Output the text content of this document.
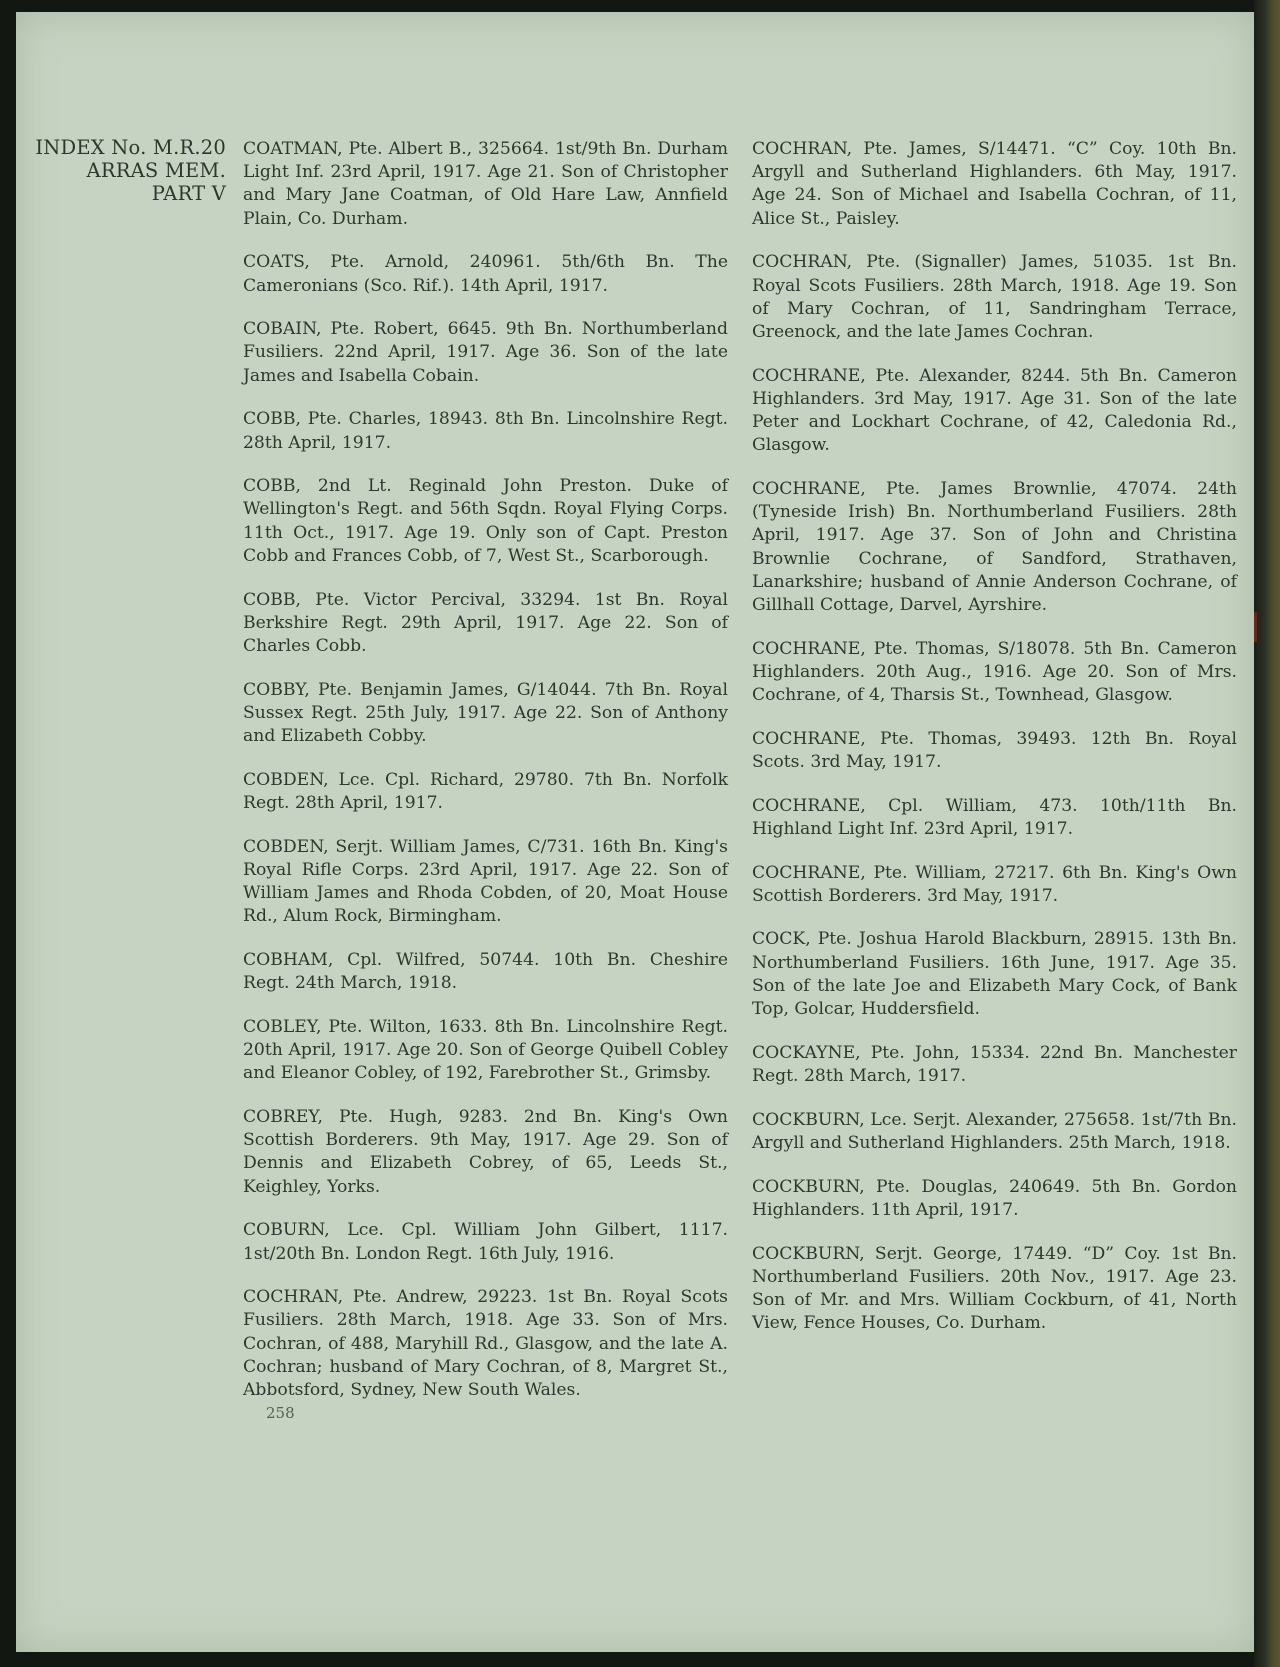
INDEX No. M.R.20
ARRAS MEM.
PART V

COATMAN, Pte. Albert B., 325664. 1st/9th Bn. Durham Light Inf. 23rd April, 1917. Age 21. Son of Christopher and Mary Jane Coatman, of Old Hare Law, Annfield Plain, Co. Durham.

COATS, Pte. Arnold, 240961. 5th/6th Bn. The Cameronians (Sco. Rif.). 14th April, 1917.

COBAIN, Pte. Robert, 6645. 9th Bn. Northumberland Fusiliers. 22nd April, 1917. Age 36. Son of the late James and Isabella Cobain.

COBB, Pte. Charles, 18943. 8th Bn. Lincolnshire Regt. 28th April, 1917.

COBB, 2nd Lt. Reginald John Preston. Duke of Wellington's Regt. and 56th Sqdn. Royal Flying Corps. 11th Oct., 1917. Age 19. Only son of Capt. Preston Cobb and Frances Cobb, of 7, West St., Scarborough.

COBB, Pte. Victor Percival, 33294. 1st Bn. Royal Berkshire Regt. 29th April, 1917. Age 22. Son of Charles Cobb.

COBBY, Pte. Benjamin James, G/14044. 7th Bn. Royal Sussex Regt. 25th July, 1917. Age 22. Son of Anthony and Elizabeth Cobby.

COBDEN, Lce. Cpl. Richard, 29780. 7th Bn. Norfolk Regt. 28th April, 1917.

COBDEN, Serjt. William James, C/731. 16th Bn. King's Royal Rifle Corps. 23rd April, 1917. Age 22. Son of William James and Rhoda Cobden, of 20, Moat House Rd., Alum Rock, Birmingham.

COBHAM, Cpl. Wilfred, 50744. 10th Bn. Cheshire Regt. 24th March, 1918.

COBLEY, Pte. Wilton, 1633. 8th Bn. Lincolnshire Regt. 20th April, 1917. Age 20. Son of George Quibell Cobley and Eleanor Cobley, of 192, Farebrother St., Grimsby.

COBREY, Pte. Hugh, 9283. 2nd Bn. King's Own Scottish Borderers. 9th May, 1917. Age 29. Son of Dennis and Elizabeth Cobrey, of 65, Leeds St., Keighley, Yorks.

COBURN, Lce. Cpl. William John Gilbert, 1117. 1st/20th Bn. London Regt. 16th July, 1916.

COCHRAN, Pte. Andrew, 29223. 1st Bn. Royal Scots Fusiliers. 28th March, 1918. Age 33. Son of Mrs. Cochran, of 488, Maryhill Rd., Glasgow, and the late A. Cochran; husband of Mary Cochran, of 8, Margret St., Abbotsford, Sydney, New South Wales.

COCHRAN, Pte. James, S/14471. “C” Coy. 10th Bn. Argyll and Sutherland Highlanders. 6th May, 1917. Age 24. Son of Michael and Isabella Cochran, of 11, Alice St., Paisley.

COCHRAN, Pte. (Signaller) James, 51035. 1st Bn. Royal Scots Fusiliers. 28th March, 1918. Age 19. Son of Mary Cochran, of 11, Sandringham Terrace, Greenock, and the late James Cochran.

COCHRANE, Pte. Alexander, 8244. 5th Bn. Cameron Highlanders. 3rd May, 1917. Age 31. Son of the late Peter and Lockhart Cochrane, of 42, Caledonia Rd., Glasgow.

COCHRANE, Pte. James Brownlie, 47074. 24th (Tyneside Irish) Bn. Northumberland Fusiliers. 28th April, 1917. Age 37. Son of John and Christina Brownlie Cochrane, of Sandford, Strathaven, Lanarkshire; husband of Annie Anderson Cochrane, of Gillhall Cottage, Darvel, Ayrshire.

COCHRANE, Pte. Thomas, S/18078. 5th Bn. Cameron Highlanders. 20th Aug., 1916. Age 20. Son of Mrs. Cochrane, of 4, Tharsis St., Townhead, Glasgow.

COCHRANE, Pte. Thomas, 39493. 12th Bn. Royal Scots. 3rd May, 1917.

COCHRANE, Cpl. William, 473. 10th/11th Bn. Highland Light Inf. 23rd April, 1917.

COCHRANE, Pte. William, 27217. 6th Bn. King's Own Scottish Borderers. 3rd May, 1917.

COCK, Pte. Joshua Harold Blackburn, 28915. 13th Bn. Northumberland Fusiliers. 16th June, 1917. Age 35. Son of the late Joe and Elizabeth Mary Cock, of Bank Top, Golcar, Huddersfield.

COCKAYNE, Pte. John, 15334. 22nd Bn. Manchester Regt. 28th March, 1917.

COCKBURN, Lce. Serjt. Alexander, 275658. 1st/7th Bn. Argyll and Sutherland Highlanders. 25th March, 1918.

COCKBURN, Pte. Douglas, 240649. 5th Bn. Gordon Highlanders. 11th April, 1917.

COCKBURN, Serjt. George, 17449. “D” Coy. 1st Bn. Northumberland Fusiliers. 20th Nov., 1917. Age 23. Son of Mr. and Mrs. William Cockburn, of 41, North View, Fence Houses, Co. Durham.

258
